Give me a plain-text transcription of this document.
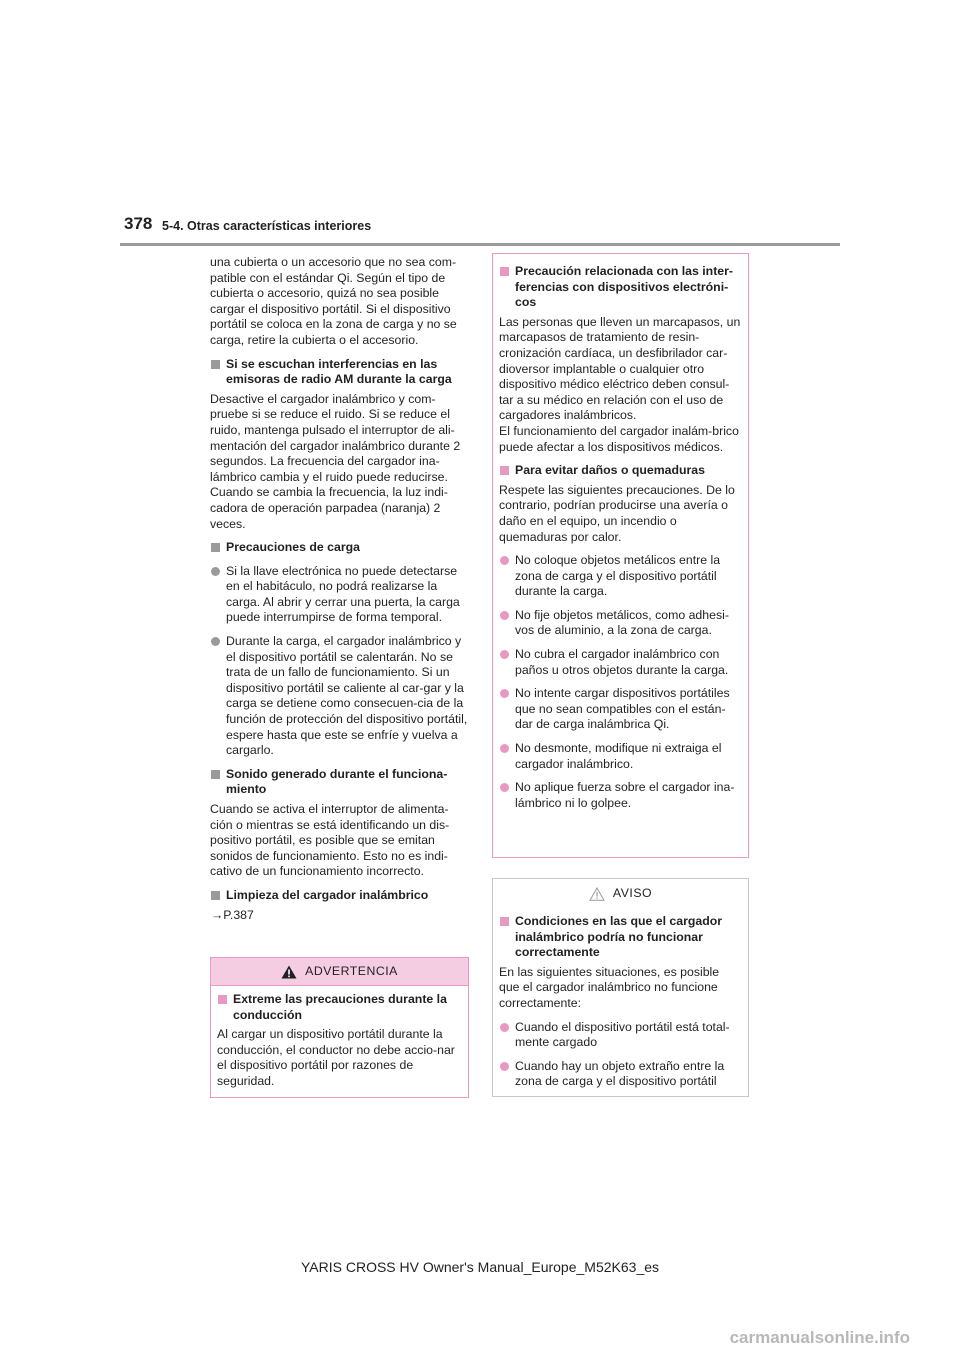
378 5-4. Otras características interiores

una cubierta o un accesorio que no sea com-patible con el estándar Qi. Según el tipo de cubierta o accesorio, quizá no sea posible cargar el dispositivo portátil. Si el dispositivo portátil se coloca en la zona de carga y no se carga, retire la cubierta o el accesorio.

Si se escuchan interferencias en las emisoras de radio AM durante la carga

Desactive el cargador inalámbrico y com-pruebe si se reduce el ruido. Si se reduce el ruido, mantenga pulsado el interruptor de ali-mentación del cargador inalámbrico durante 2 segundos. La frecuencia del cargador ina-lámbrico cambia y el ruido puede reducirse. Cuando se cambia la frecuencia, la luz indi-cadora de operación parpadea (naranja) 2 veces.

Precauciones de carga
Si la llave electrónica no puede detectarse en el habitáculo, no podrá realizarse la carga. Al abrir y cerrar una puerta, la carga puede interrumpirse de forma temporal.
Durante la carga, el cargador inalámbrico y el dispositivo portátil se calentarán. No se trata de un fallo de funcionamiento. Si un dispositivo portátil se caliente al car-gar y la carga se detiene como consecuen-cia de la función de protección del dispositivo portátil, espere hasta que este se enfríe y vuelva a cargarlo.
Sonido generado durante el funciona-miento

Cuando se activa el interruptor de alimenta-ción o mientras se está identificando un dis-positivo portátil, es posible que se emitan sonidos de funcionamiento. Esto no es indi-cativo de un funcionamiento incorrecto.

Limpieza del cargador inalámbrico
→P.387
ADVERTENCIA
Extreme las precauciones durante la conducción

Al cargar un dispositivo portátil durante la conducción, el conductor no debe accio-nar el dispositivo portátil por razones de seguridad.

Precaución relacionada con las inter-ferencias con dispositivos electróni-cos

Las personas que lleven un marcapasos, un marcapasos de tratamiento de resin-cronización cardíaca, un desfibrilador car-dioversor implantable o cualquier otro dispositivo médico eléctrico deben consul-tar a su médico en relación con el uso de cargadores inalámbricos.

El funcionamiento del cargador inalám-brico puede afectar a los dispositivos médicos.

Para evitar daños o quemaduras

Respete las siguientes precauciones. De lo contrario, podrían producirse una avería o daño en el equipo, un incendio o quemaduras por calor.

No coloque objetos metálicos entre la zona de carga y el dispositivo portátil durante la carga.
No fije objetos metálicos, como adhesi-vos de aluminio, a la zona de carga.
No cubra el cargador inalámbrico con paños u otros objetos durante la carga.
No intente cargar dispositivos portátiles que no sean compatibles con el están-dar de carga inalámbrica Qi.
No desmonte, modifique ni extraiga el cargador inalámbrico.
No aplique fuerza sobre el cargador ina-lámbrico ni lo golpee.
AVISO
Condiciones en las que el cargador inalámbrico podría no funcionar correctamente

En las siguientes situaciones, es posible que el cargador inalámbrico no funcione correctamente:

Cuando el dispositivo portátil está total-mente cargado
Cuando hay un objeto extraño entre la zona de carga y el dispositivo portátil
YARIS CROSS HV Owner's Manual_Europe_M52K63_es
carmanualsonline.info
